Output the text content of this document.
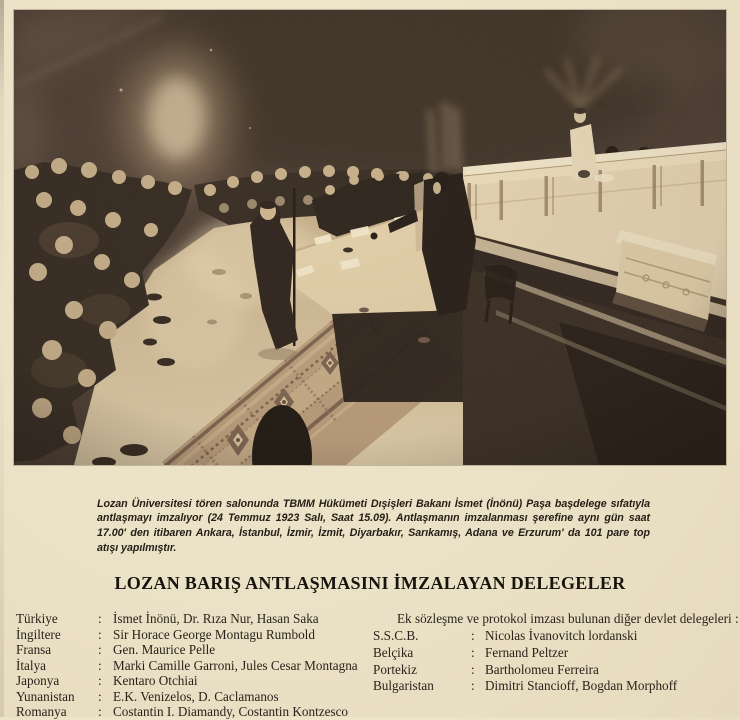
Lozan Üniversitesi tören salonunda TBMM Hükümeti Dışişleri Bakanı İsmet (İnönü) Paşa başdelege sıfatıyla antlaşmayı imzalıyor (24 Temmuz 1923 Salı, Saat 15.09). Antlaşmanın imzalanması şerefine aynı gün saat 17.00' den itibaren Ankara, İstanbul, İzmir, İzmit, Diyarbakır, Sarıkamış, Adana ve Erzurum' da 101 pare top atışı yapılmıştır.

LOZAN BARIŞ ANTLAŞMASINI İMZALAYAN DELEGELER
Türkiye	: İsmet İnönü, Dr. Rıza Nur, Hasan Saka
İngiltere	: Sir Horace George Montagu Rumbold
Fransa	: Gen. Maurice Pelle
İtalya	: Marki Camille Garroni, Jules Cesar Montagna
Japonya	: Kentaro Otchiai
Yunanistan	: E.K. Venizelos, D. Caclamanos
Romanya	: Costantin I. Diamandy, Costantin Kontzesco
Ek sözleşme ve protokol imzası bulunan diğer devlet delegeleri :
S.S.C.B.	: Nicolas İvanovitch lordanski
Belçika	: Fernand Peltzer
Portekiz	: Bartholomeu Ferreira
Bulgaristan	: Dimitri Stancioff, Bogdan Morphoff
